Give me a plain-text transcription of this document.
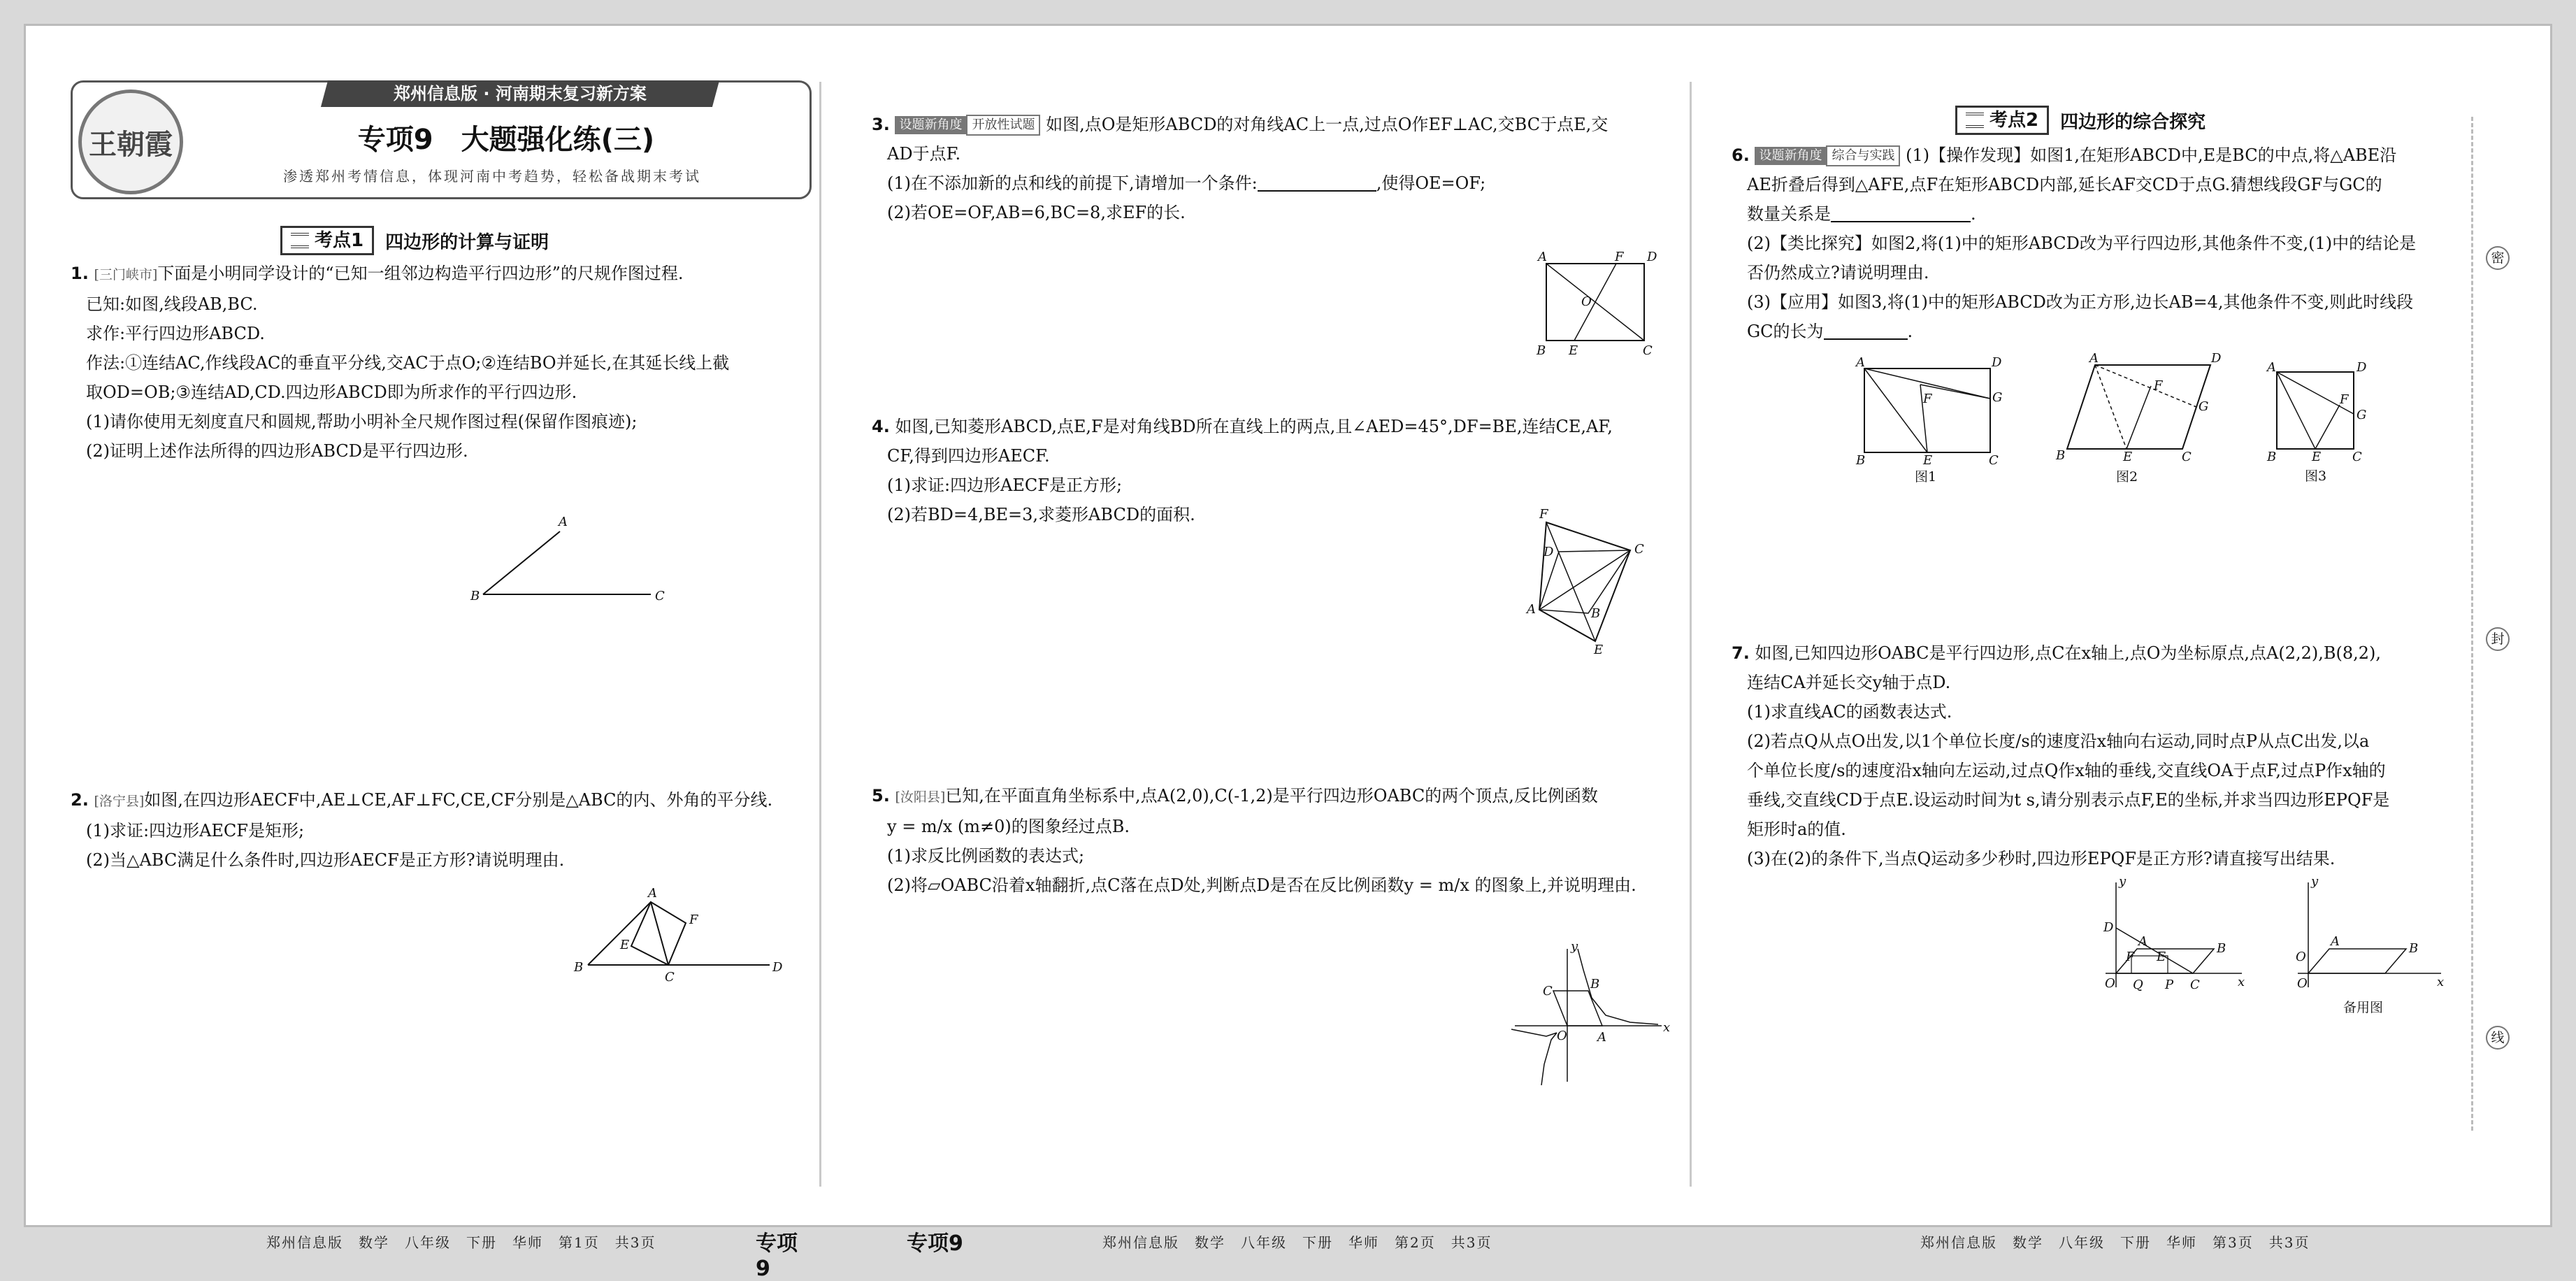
密
封
线
王朝霞
郑州信息版 · 河南期末复习新方案
专项9　大题强化练(三)
渗透郑州考情信息，体现河南中考趋势，轻松备战期末考试
考点1 四边形的计算与证明
1. [三门峡市]下面是小明同学设计的“已知一组邻边构造平行四边形”的尺规作图过程.
已知:如图,线段AB,BC.
求作:平行四边形ABCD.
作法:①连结AC,作线段AC的垂直平分线,交AC于点O;②连结BO并延长,在其延长线上截
取OD=OB;③连结AD,CD.四边形ABCD即为所求作的平行四边形.
(1)请你使用无刻度直尺和圆规,帮助小明补全尺规作图过程(保留作图痕迹);
(2)证明上述作法所得的四边形ABCD是平行四边形.
A
B	C
2. [洛宁县]如图,在四边形AECF中,AE⊥CE,AF⊥FC,CE,CF分别是△ABC的内、外角的平分线.
(1)求证:四边形AECF是矩形;
(2)当△ABC满足什么条件时,四边形AECF是正方形?请说明理由.
A
F
E
B
C
D
郑州信息版　数学　八年级　下册　华师　第1页　共3页	专项9
3. 设题新角度 开放性试题 如图,点O是矩形ABCD的对角线AC上一点,过点O作EF⊥AC,交BC于点E,交
AD于点F.
(1)在不添加新的点和线的前提下,请增加一个条件:	,使得OE=OF;
(2)若OE=OF,AB=6,BC=8,求EF的长.
A	F D
O
B E	C
4. 如图,已知菱形ABCD,点E,F是对角线BD所在直线上的两点,且∠AED=45°,DF=BE,连结CE,AF,
CF,得到四边形AECF.
(1)求证:四边形AECF是正方形;
(2)若BD=4,BE=3,求菱形ABCD的面积.	F
C
D
B
A
E
5. [汝阳县]已知,在平面直角坐标系中,点A(2,0),C(-1,2)是平行四边形OABC的两个顶点,反比例函数
y = m/x (m≠0)的图象经过点B.
(1)求反比例函数的表达式;
(2)将▱OABC沿着x轴翻折,点C落在点D处,判断点D是否在反比例函数y = m/x 的图象上,并说明理由.
y
x
C	B
O A
专项9	郑州信息版　数学　八年级　下册　华师　第2页　共3页
考点2 四边形的综合探究
6. 设题新角度 综合与实践 (1)【操作发现】如图1,在矩形ABCD中,E是BC的中点,将△ABE沿
AE折叠后得到△AFE,点F在矩形ABCD内部,延长AF交CD于点G.猜想线段GF与GC的
数量关系是	.
(2)【类比探究】如图2,将(1)中的矩形ABCD改为平行四边形,其他条件不变,(1)中的结论是
否仍然成立?请说明理由.
(3)【应用】如图3,将(1)中的矩形ABCD改为正方形,边长AB=4,其他条件不变,则此时线段
GC的长为	.
A	D
G
F
B	E	C
图1
A	D
G
F
B	E	C
图2
A	D
G
F
B	E C
图3
7. 如图,已知四边形OABC是平行四边形,点C在x轴上,点O为坐标原点,点A(2,2),B(8,2),
连结CA并延长交y轴于点D.
(1)求直线AC的函数表达式.
(2)若点Q从点O出发,以1个单位长度/s的速度沿x轴向右运动,同时点P从点C出发,以a
个单位长度/s的速度沿x轴向左运动,过点Q作x轴的垂线,交直线OA于点F,过点P作x轴的
垂线,交直线CD于点E.设运动时间为t s,请分别表示点F,E的坐标,并求当四边形EPQF是
矩形时a的值.
(3)在(2)的条件下,当点Q运动多少秒时,四边形EPQF是正方形?请直接写出结果.
y
x
D
A	B
F E
O Q P C
y
x
O
A	B
O
备用图
郑州信息版　数学　八年级　下册　华师　第3页　共3页
